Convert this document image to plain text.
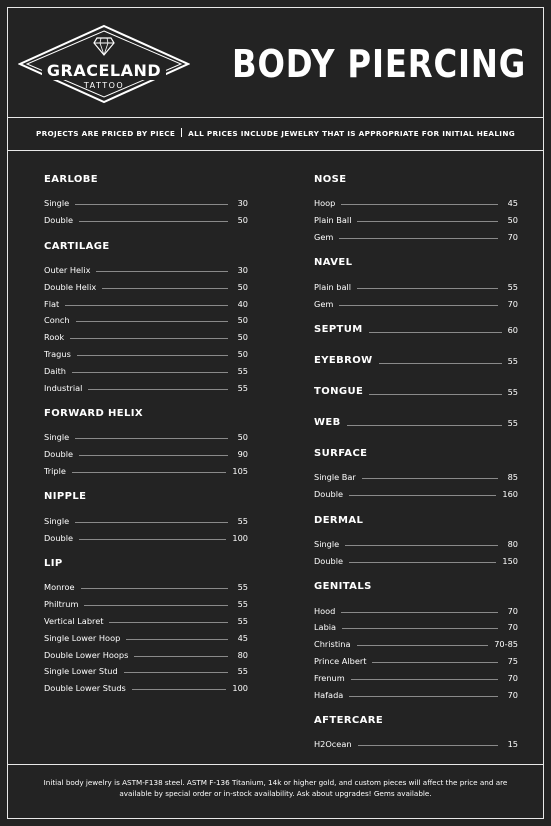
GRACELAND
TATTOO	BODY PIERCING
PROJECTS ARE PRICED BY PIECE ALL PRICES INCLUDE JEWELRY THAT IS APPROPRIATE FOR INITIAL HEALING
EARLOBE
Single	30
Double	50
CARTILAGE
Outer Helix	30
Double Helix	50
Flat	40
Conch	50
Rook	50
Tragus	50
Daith	55
Industrial	55
FORWARD HELIX
Single	50
Double	90
Triple	105
NIPPLE
Single	55
Double	100
LIP
Monroe	55
Philtrum	55
Vertical Labret	55
Single Lower Hoop	45
Double Lower Hoops	80
Single Lower Stud	55
Double Lower Studs	100
NOSE
Hoop	45
Plain Ball	50
Gem	70
NAVEL
Plain ball	55
Gem	70
SEPTUM	60
EYEBROW	55
TONGUE	55
WEB	55
SURFACE
Single Bar	85
Double	160
DERMAL
Single	80
Double	150
GENITALS
Hood	70
Labia	70
Christina	70-85
Prince Albert	75
Frenum	70
Hafada	70
AFTERCARE
H2Ocean	15
Initial body jewelry is ASTM-F138 steel. ASTM F-136 Titanium, 14k or higher gold, and custom pieces will affect the price and are available by special order or in-stock availability. Ask about upgrades! Gems available.
